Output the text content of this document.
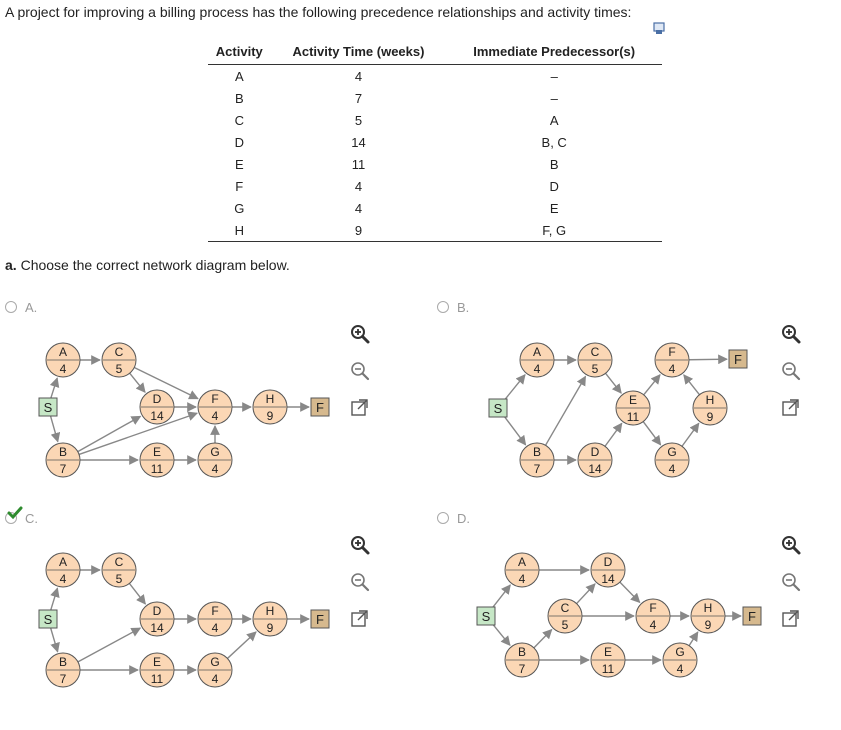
A project for improving a billing process has the following precedence relationships and activity times:
Activity	Activity Time (weeks)	Immediate Predecessor(s)
A	4	–
B	7	–
C	5	A
D	14	B, C
E	11	B
F	4	D
G	4	E
H	9	F, G
a. Choose the correct network diagram below.
A.	B.
C.	D.
S
A
4
B
7
C
5
D
14
E
11
F
4
G
4
H
9
F	S
A
4
B
7
C
5
D
14
E
11
F
4
G
4
H
9
F
S
A
4
B
7
C
5
D
14
E
11
F
4
G
4
H
9
F	S
A
4
B
7
C
5
D
14
E
11
F
4
G
4
H
9
F
